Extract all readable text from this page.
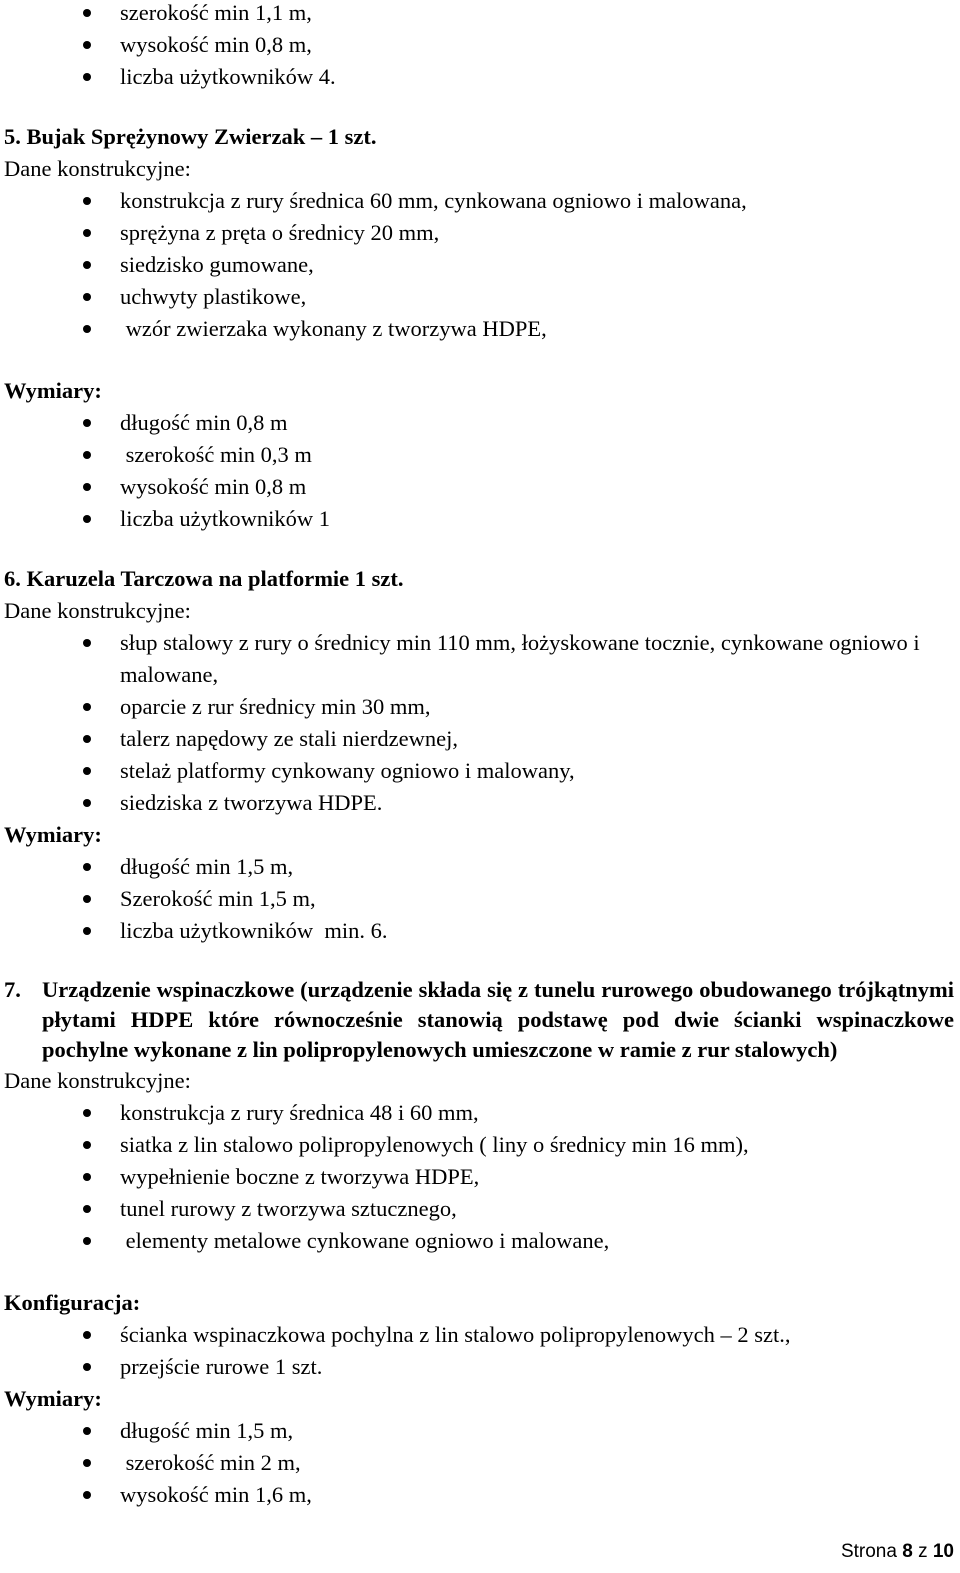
szerokość min 1,1 m,
wysokość min 0,8 m,
liczba użytkowników 4.
5. Bujak Sprężynowy Zwierzak – 1 szt.
Dane konstrukcyjne:
konstrukcja z rury średnica 60 mm, cynkowana ogniowo i malowana,
sprężyna z pręta o średnicy 20 mm,
siedzisko gumowane,
uchwyty plastikowe,
wzór zwierzaka wykonany z tworzywa HDPE,
Wymiary:
długość min 0,8 m
szerokość min 0,3 m
wysokość min 0,8 m
liczba użytkowników 1
6. Karuzela Tarczowa na platformie 1 szt.
Dane konstrukcyjne:
słup stalowy z rury o średnicy min 110 mm, łożyskowane tocznie, cynkowane ogniowo i malowane,
oparcie z rur średnicy min 30 mm,
talerz napędowy ze stali nierdzewnej,
stelaż platformy cynkowany ogniowo i malowany,
siedziska z tworzywa HDPE.
Wymiary:
długość min 1,5 m,
Szerokość min 1,5 m,
liczba użytkowników  min. 6.
7. Urządzenie wspinaczkowe (urządzenie składa się z tunelu rurowego obudowanego trójkątnymi płytami HDPE które równocześnie stanowią podstawę pod dwie ścianki wspinaczkowe pochylne wykonane z lin polipropylenowych umieszczone w ramie z rur stalowych)
Dane konstrukcyjne:
konstrukcja z rury średnica 48 i 60 mm,
siatka z lin stalowo polipropylenowych ( liny o średnicy min 16 mm),
wypełnienie boczne z tworzywa HDPE,
tunel rurowy z tworzywa sztucznego,
elementy metalowe cynkowane ogniowo i malowane,
Konfiguracja:
ścianka wspinaczkowa pochylna z lin stalowo polipropylenowych – 2 szt.,
przejście rurowe 1 szt.
Wymiary:
długość min 1,5 m,
szerokość min 2 m,
wysokość min 1,6 m,
Strona 8 z 10
